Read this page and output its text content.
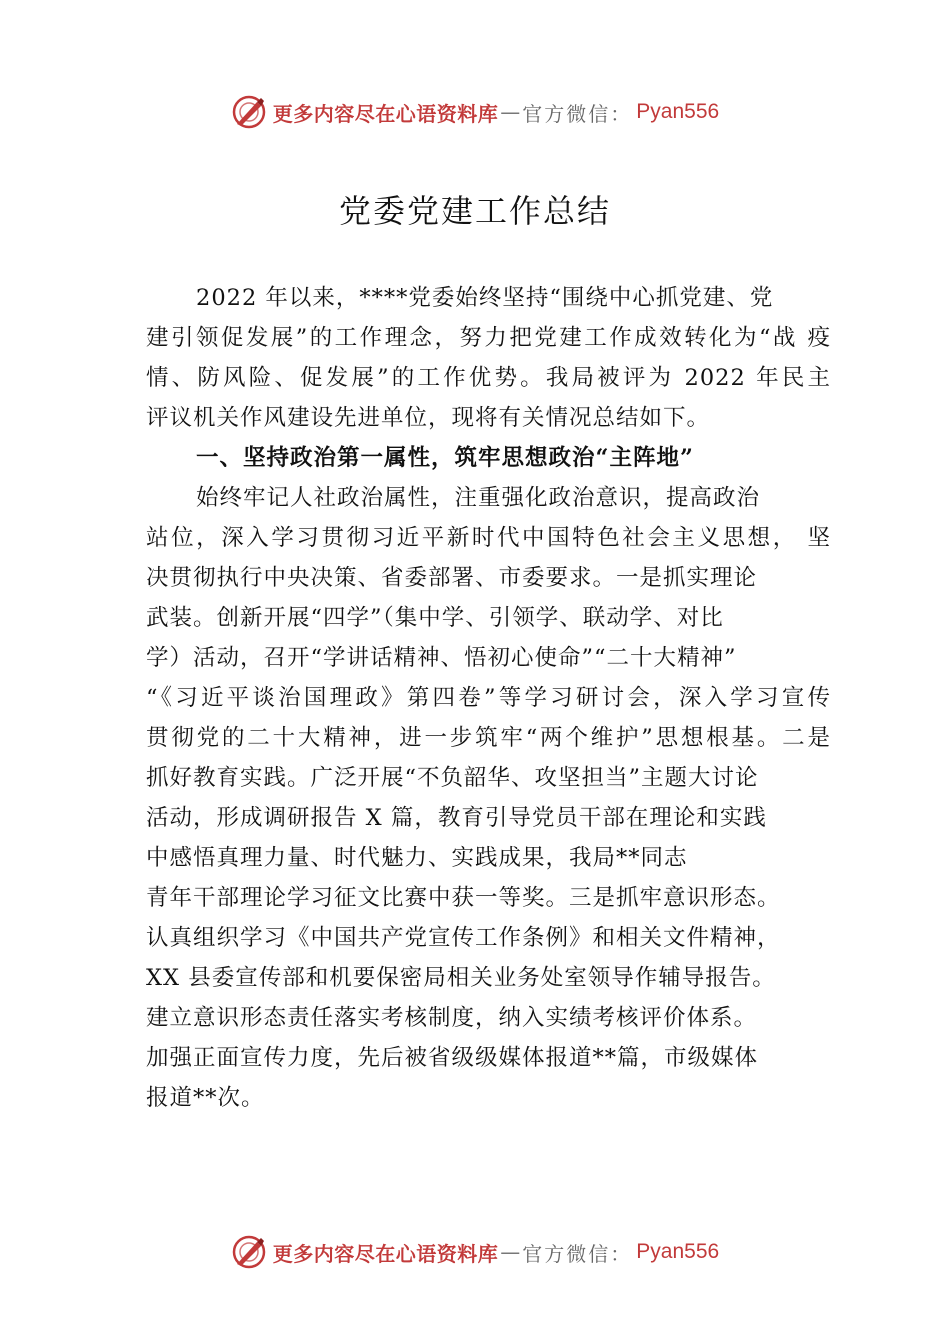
更多内容尽在心语资料库 — 官方微信： Pyan556
党委党建工作总结
2022 年以来，****党委始终坚持“围绕中心抓党建、党
建引领促发展”的工作理念，努力把党建工作成效转化为“战 疫
情、防风险、促发展”的工作优势。我局被评为 2022 年民主
评议机关作风建设先进单位，现将有关情况总结如下。
一、坚持政治第一属性，筑牢思想政治“主阵地”
始终牢记人社政治属性，注重强化政治意识，提高政治
站位，深入学习贯彻习近平新时代中国特色社会主义思想， 坚
决贯彻执行中央决策、省委部署、市委要求。一是抓实理论
武装。创新开展“四学”（集中学、引领学、联动学、对比
学）活动，召开“学讲话精神、悟初心使命”“二十大精神”
“《习近平谈治国理政》第四卷”等学习研讨会，深入学习宣传
贯彻党的二十大精神，进一步筑牢“两个维护”思想根基。二是
抓好教育实践。广泛开展“不负韶华、攻坚担当”主题大讨论
活动，形成调研报告 X 篇，教育引导党员干部在理论和实践
中感悟真理力量、时代魅力、实践成果，我局**同志
青年干部理论学习征文比赛中获一等奖。三是抓牢意识形态。
认真组织学习《中国共产党宣传工作条例》和相关文件精神，
XX 县委宣传部和机要保密局相关业务处室领导作辅导报告。
建立意识形态责任落实考核制度，纳入实绩考核评价体系。
加强正面宣传力度，先后被省级级媒体报道**篇，市级媒体
报道**次。
更多内容尽在心语资料库 — 官方微信： Pyan556
